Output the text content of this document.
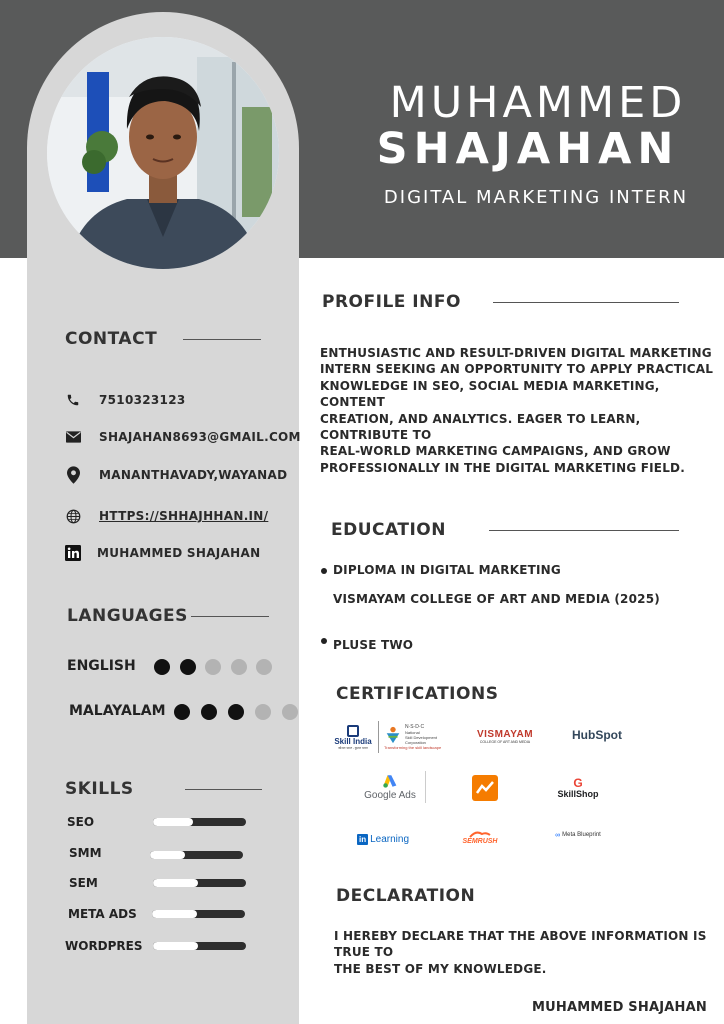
MUHAMMED
SHAJAHAN
DIGITAL MARKETING INTERN
CONTACT
7510323123
SHAJAHAN8693@GMAIL.COM
MANANTHAVADY,WAYANAD
HTTPS://SHHAJHHAN.IN/
MUHAMMED SHAJAHAN
LANGUAGES
ENGLISH
MALAYALAM
SKILLS
SEO
SMM
SEM
META ADS
WORDPRES
PROFILE INFO
ENTHUSIASTIC AND RESULT-DRIVEN DIGITAL MARKETING
INTERN SEEKING AN OPPORTUNITY TO APPLY PRACTICAL
KNOWLEDGE IN SEO, SOCIAL MEDIA MARKETING, CONTENT
CREATION, AND ANALYTICS. EAGER TO LEARN, CONTRIBUTE TO
REAL-WORLD MARKETING CAMPAIGNS, AND GROW
PROFESSIONALLY IN THE DIGITAL MARKETING FIELD.
EDUCATION
DIPLOMA IN DIGITAL MARKETING
VISMAYAM COLLEGE OF ART AND MEDIA (2025)
PLUSE TWO
CERTIFICATIONS
Skill India
कौशल भारत - कुशल भारत
N·S·D·C
National
Skill Development
Corporation
Transforming the skill landscape
VISMAYAM
COLLEGE OF ART AND MEDIA	HubSpot
Google Ads
G
SkillShop
in Learning	SEMRUSH
∞ Meta Blueprint
DECLARATION
I HEREBY DECLARE THAT THE ABOVE INFORMATION IS TRUE TO
THE BEST OF MY KNOWLEDGE.
MUHAMMED SHAJAHAN
